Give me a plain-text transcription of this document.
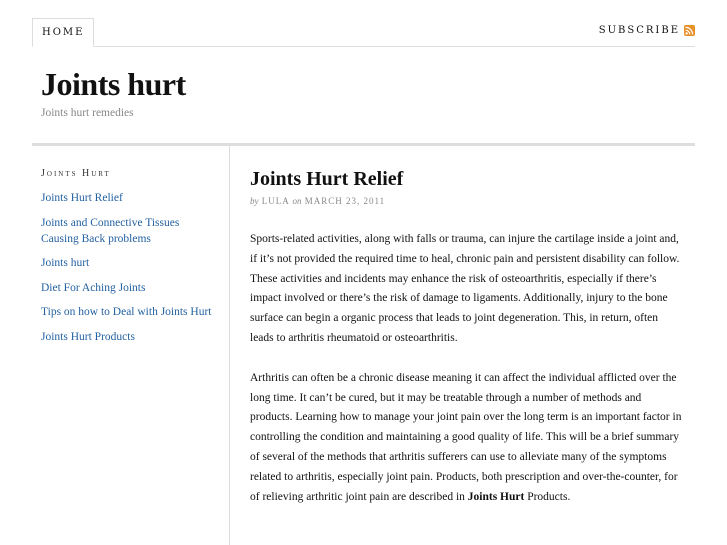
HOME	SUBSCRIBE
Joints hurt
Joints hurt remedies
Joints Hurt
Joints Hurt Relief
Joints and Connective Tissues Causing Back problems
Joints hurt
Diet For Aching Joints
Tips on how to Deal with Joints Hurt
Joints Hurt Products
Joints Hurt Relief
by LULA on MARCH 23, 2011

Sports-related activities, along with falls or trauma, can injure the cartilage inside a joint and, if it’s not provided the required time to heal, chronic pain and persistent disability can follow. These activities and incidents may enhance the risk of osteoarthritis, especially if there’s impact involved or there’s the risk of damage to ligaments. Additionally, injury to the bone surface can begin a organic process that leads to joint degeneration. This, in return, often leads to arthritis rheumatoid or osteoarthritis.

Arthritis can often be a chronic disease meaning it can affect the individual afflicted over the long time. It can’t be cured, but it may be treatable through a number of methods and products. Learning how to manage your joint pain over the long term is an important factor in controlling the condition and maintaining a good quality of life. This will be a brief summary of several of the methods that arthritis sufferers can use to alleviate many of the symptoms related to arthritis, especially joint pain. Products, both prescription and over-the-counter, for of relieving arthritic joint pain are described in Joints Hurt Products.
